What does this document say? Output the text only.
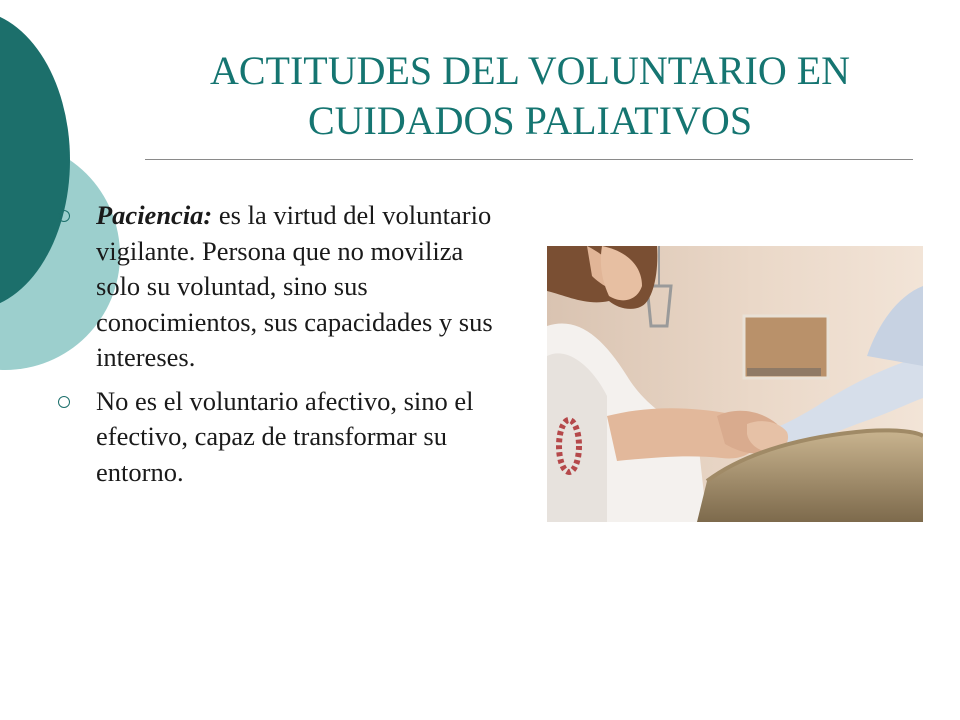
ACTITUDES DEL VOLUNTARIO EN CUIDADOS PALIATIVOS
Paciencia: es la virtud del voluntario vigilante. Persona que no moviliza solo su voluntad, sino sus conocimientos, sus capacidades y sus intereses.
No es el voluntario afectivo, sino el efectivo, capaz de transformar su entorno.
